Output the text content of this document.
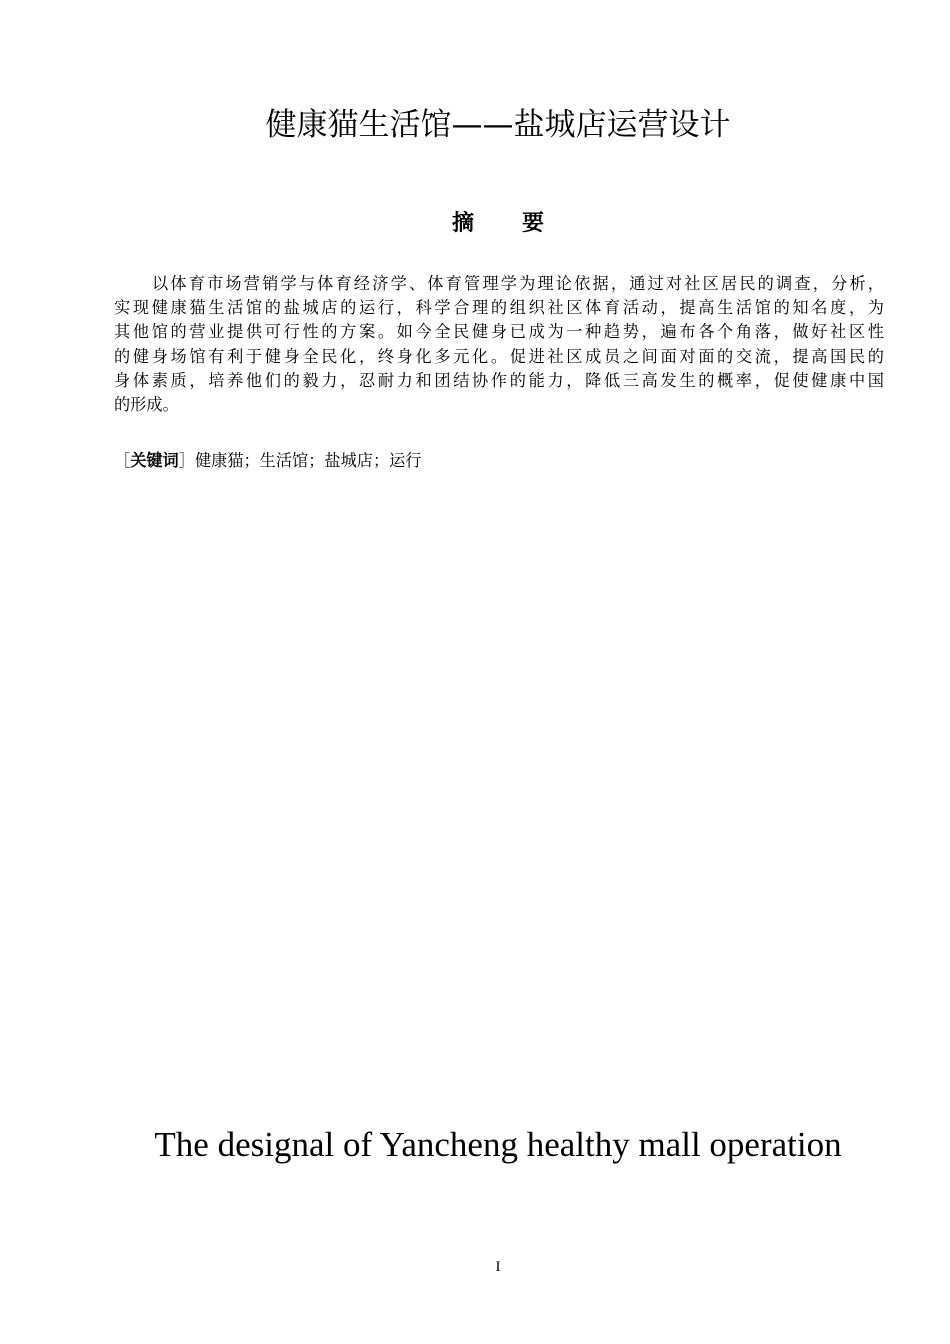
健康猫生活馆——盐城店运营设计
摘 要
以体育市场营销学与体育经济学、体育管理学为理论依据，通过对社区居民的调查，分析，
实现健康猫生活馆的盐城店的运行，科学合理的组织社区体育活动，提高生活馆的知名度，为
其他馆的营业提供可行性的方案。如今全民健身已成为一种趋势，遍布各个角落，做好社区性
的健身场馆有利于健身全民化，终身化多元化。促进社区成员之间面对面的交流，提高国民的
身体素质，培养他们的毅力，忍耐力和团结协作的能力，降低三高发生的概率，促使健康中国
的形成。
［关键词］健康猫；生活馆；盐城店；运行
The designal of Yancheng healthy mall operation
I
